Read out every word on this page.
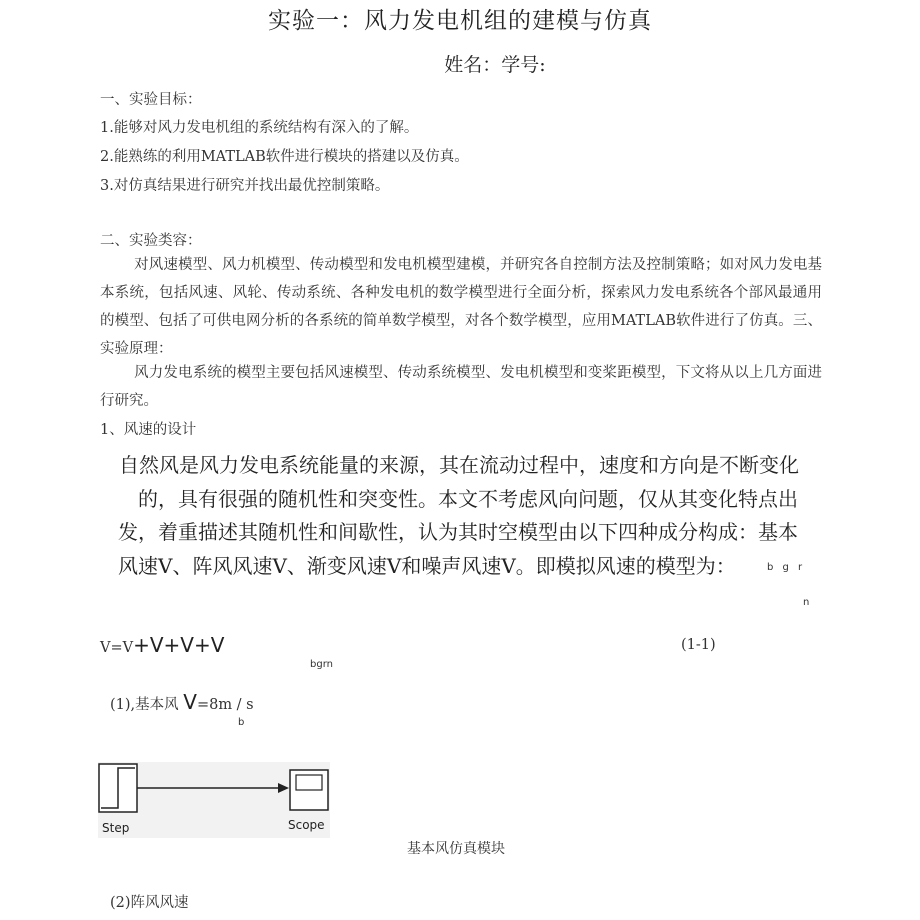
实验一：风力发电机组的建模与仿真
姓名：学号:
一、实验目标：
1.能够对风力发电机组的系统结构有深入的了解。
2.能熟练的利用MATLAB软件进行模块的搭建以及仿真。
3.对仿真结果进行研究并找出最优控制策略。
二、实验类容：
对风速模型、风力机模型、传动模型和发电机模型建模，并研究各自控制方法及控制策略；如对风力发电基本系统，包括风速、风轮、传动系统、各种发电机的数学模型进行全面分析，探索风力发电系统各个部风最通用的模型、包括了可供电网分析的各系统的简单数学模型，对各个数学模型，应用MATLAB软件进行了仿真。三、实验原理：
风力发电系统的模型主要包括风速模型、传动系统模型、发电机模型和变桨距模型，下文将从以上几方面进行研究。
1、风速的设计
自然风是风力发电系统能量的来源，其在流动过程中，速度和方向是不断变化
的，具有很强的随机性和突变性。本文不考虑风向问题，仅从其变化特点出
发，着重描述其随机性和间歇性，认为其时空模型由以下四种成分构成：基本
风速V、阵风风速V、渐变风速V和噪声风速V。即模拟风速的模型为：	b g r
n
V=V+V+V+V
bgrn
(1-1)
(1),基本风 V=8m / s
b
Step	Scope
基本风仿真模块
(2)阵风风速
